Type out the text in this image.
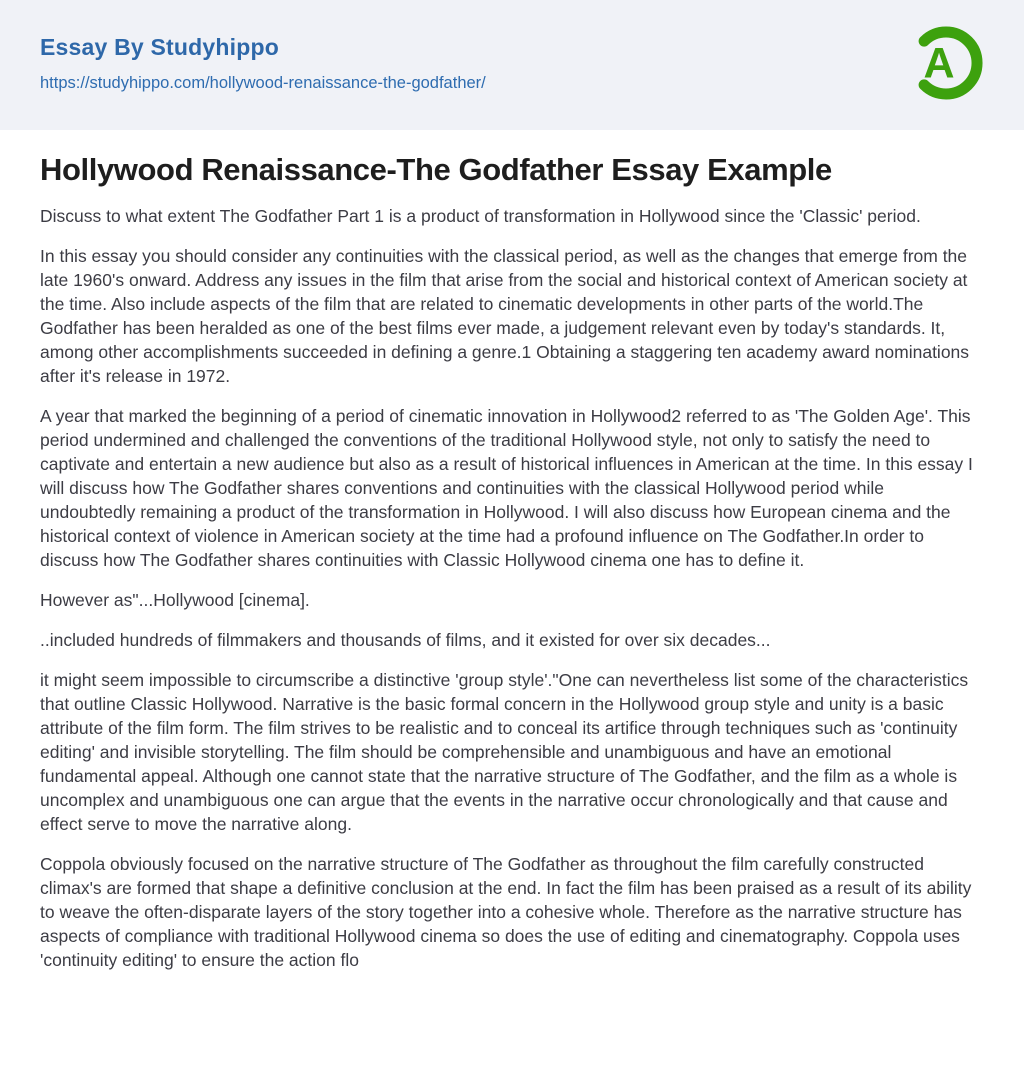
Essay By Studyhippo
https://studyhippo.com/hollywood-renaissance-the-godfather/	A
Hollywood Renaissance-The Godfather Essay Example

Discuss to what extent The Godfather Part 1 is a product of transformation in Hollywood since the 'Classic' period.

In this essay you should consider any continuities with the classical period, as well as the changes that emerge from the late 1960's onward. Address any issues in the film that arise from the social and historical context of American society at the time. Also include aspects of the film that are related to cinematic developments in other parts of the world.The Godfather has been heralded as one of the best films ever made, a judgement relevant even by today's standards. It, among other accomplishments succeeded in defining a genre.1 Obtaining a staggering ten academy award nominations after it's release in 1972.

A year that marked the beginning of a period of cinematic innovation in Hollywood2 referred to as 'The Golden Age'. This period undermined and challenged the conventions of the traditional Hollywood style, not only to satisfy the need to captivate and entertain a new audience but also as a result of historical influences in American at the time. In this essay I will discuss how The Godfather shares conventions and continuities with the classical Hollywood period while undoubtedly remaining a product of the transformation in Hollywood. I will also discuss how European cinema and the historical context of violence in American society at the time had a profound influence on The Godfather.In order to discuss how The Godfather shares continuities with Classic Hollywood cinema one has to define it.

However as"...Hollywood [cinema].

..included hundreds of filmmakers and thousands of films, and it existed for over six decades...

it might seem impossible to circumscribe a distinctive 'group style'."One can nevertheless list some of the characteristics that outline Classic Hollywood. Narrative is the basic formal concern in the Hollywood group style and unity is a basic attribute of the film form. The film strives to be realistic and to conceal its artifice through techniques such as 'continuity editing' and invisible storytelling. The film should be comprehensible and unambiguous and have an emotional fundamental appeal. Although one cannot state that the narrative structure of The Godfather, and the film as a whole is uncomplex and unambiguous one can argue that the events in the narrative occur chronologically and that cause and effect serve to move the narrative along.

Coppola obviously focused on the narrative structure of The Godfather as throughout the film carefully constructed climax's are formed that shape a definitive conclusion at the end. In fact the film has been praised as a result of its ability to weave the often-disparate layers of the story together into a cohesive whole. Therefore as the narrative structure has aspects of compliance with traditional Hollywood cinema so does the use of editing and cinematography. Coppola uses 'continuity editing' to ensure the action flo
